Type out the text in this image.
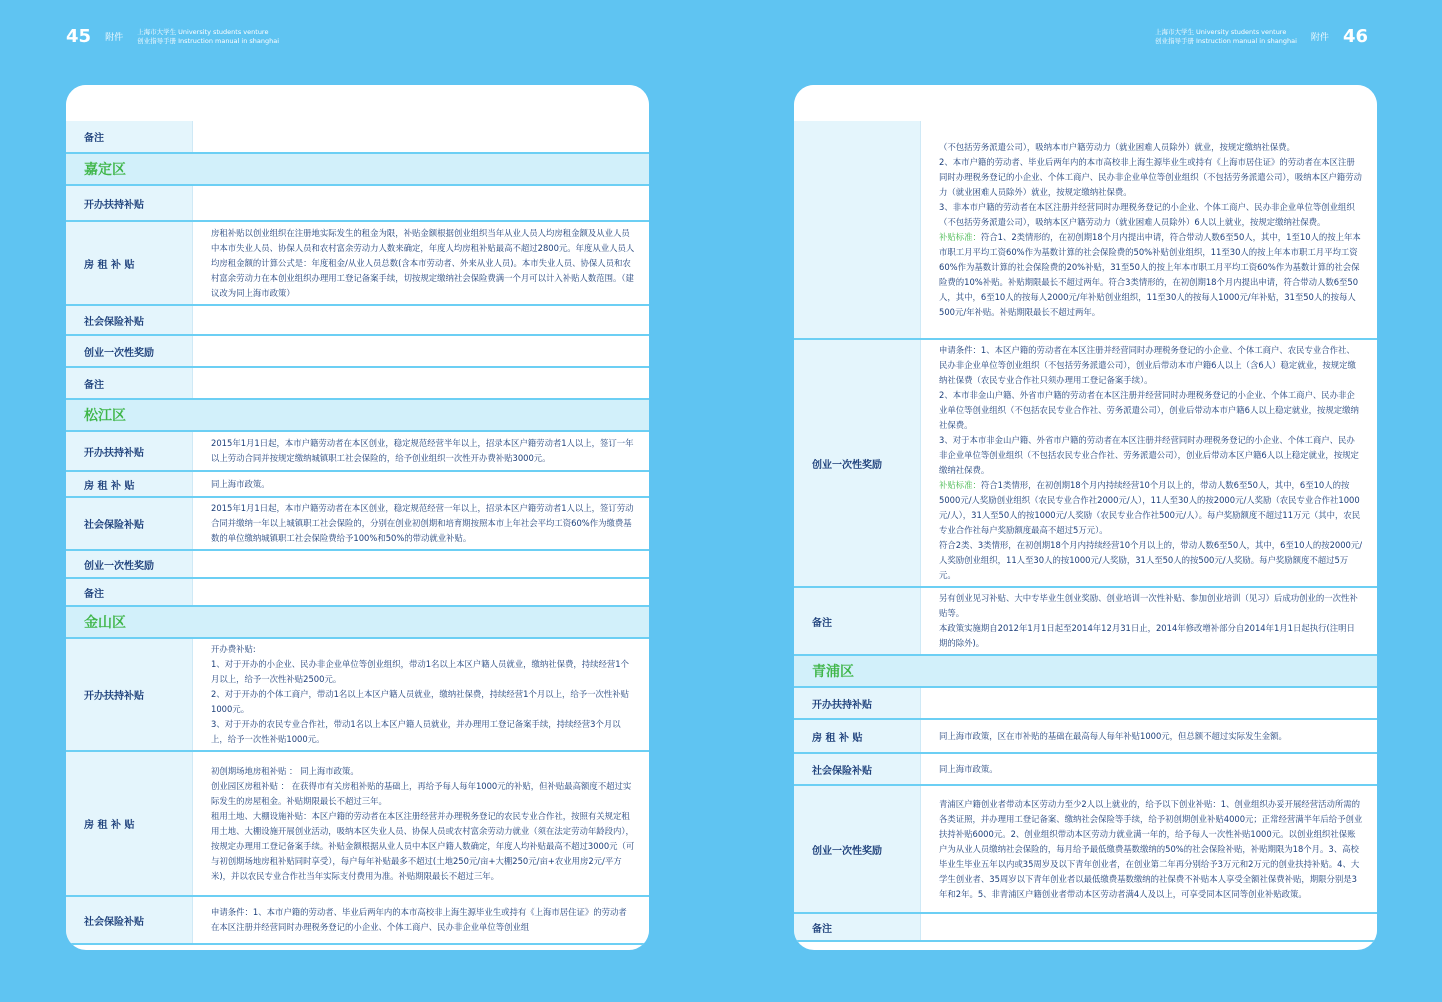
45 附件
上海市大学生 University students venture
创业指导手册 Instruction manual in shanghai
上海市大学生 University students venture
创业指导手册 Instruction manual in shanghai 附件 46
备注	
嘉定区	
开办扶持补贴	
房 租 补 贴	房租补贴以创业组织在注册地实际发生的租金为限，补贴金额根据创业组织当年从业人员人均房租金额及从业人员中本市失业人员、协保人员和农村富余劳动力人数来确定，年度人均房租补贴最高不超过2800元。年度从业人员人均房租金额的计算公式是：年度租金/从业人员总数(含本市劳动者、外来从业人员)。本市失业人员、协保人员和农村富余劳动力在本创业组织办理用工登记备案手续，切按规定缴纳社会保险费满一个月可以计入补贴人数范围。（建议改为同上海市政策）
社会保险补贴	
创业一次性奖励	
备注	
松江区	
开办扶持补贴	2015年1月1日起，本市户籍劳动者在本区创业，稳定规范经营半年以上，招录本区户籍劳动者1人以上，签订一年以上劳动合同并按规定缴纳城镇职工社会保险的，给予创业组织一次性开办费补贴3000元。
房 租 补 贴	同上海市政策。
社会保险补贴	2015年1月1日起，本市户籍劳动者在本区创业，稳定规范经营一年以上，招录本区户籍劳动者1人以上，签订劳动合同并缴纳一年以上城镇职工社会保险的，分别在创业初创期和培育期按照本市上年社会平均工资60%作为缴费基数的单位缴纳城镇职工社会保险费给予100%和50%的带动就业补贴。
创业一次性奖励	
备注	
金山区	
开办扶持补贴	开办费补贴:
1、对于开办的小企业、民办非企业单位等创业组织，带动1名以上本区户籍人员就业，缴纳社保费，持续经营1个月以上，给予一次性补贴2500元。
2、对于开办的个体工商户，带动1名以上本区户籍人员就业，缴纳社保费，持续经营1个月以上，给予一次性补贴1000元。
3、对于开办的农民专业合作社，带动1名以上本区户籍人员就业，并办理用工登记备案手续，持续经营3个月以上，给予一次性补贴1000元。
房 租 补 贴	初创期场地房租补贴 ： 同上海市政策。
创业园区房租补贴 ： 在获得市有关房租补贴的基础上，再给予每人每年1000元的补贴，但补贴最高额度不超过实际发生的房屋租金。补贴期限最长不超过三年。
租用土地、大棚设施补贴：本区户籍的劳动者在本区注册经营并办理税务登记的农民专业合作社，按照有关规定租用土地、大棚设施开展创业活动，吸纳本区失业人员、协保人员或农村富余劳动力就业（须在法定劳动年龄段内），按规定办理用工登记备案手续。补贴金额根据从业人员中本区户籍人数确定，年度人均补贴最高不超过3000元（可与初创期场地房租补贴同时享受），每户每年补贴最多不超过(土地250元/亩+大棚250元/亩+农业用房2元/平方米)，并以农民专业合作社当年实际支付费用为准。补贴期限最长不超过三年。
社会保险补贴	申请条件：1、本市户籍的劳动者、毕业后两年内的本市高校非上海生源毕业生或持有《上海市居住证》的劳动者在本区注册并经营同时办理税务登记的小企业、个体工商户、民办非企业单位等创业组
	（不包括劳务派遣公司），吸纳本市户籍劳动力（就业困难人员除外）就业，按规定缴纳社保费。
2、本市户籍的劳动者、毕业后两年内的本市高校非上海生源毕业生或持有《上海市居住证》的劳动者在本区注册同时办理税务登记的小企业、个体工商户、民办非企业单位等创业组织（不包括劳务派遣公司），吸纳本区户籍劳动力（就业困难人员除外）就业，按规定缴纳社保费。
3、非本市户籍的劳动者在本区注册并经营同时办理税务登记的小企业、个体工商户、民办非企业单位等创业组织（不包括劳务派遣公司），吸纳本区户籍劳动力（就业困难人员除外）6人以上就业，按规定缴纳社保费。
补贴标准：符合1、2类情形的，在初创期18个月内提出申请，符合带动人数6至50人，其中，1至10人的按上年本市职工月平均工资60%作为基数计算的社会保险费的50%补贴创业组织，11至30人的按上年本市职工月平均工资60%作为基数计算的社会保险费的20%补贴，31至50人的按上年本市职工月平均工资60%作为基数计算的社会保险费的10%补贴。补贴期限最长不超过两年。符合3类情形的，在初创期18个月内提出申请，符合带动人数6至50人，其中，6至10人的按每人2000元/年补贴创业组织，11至30人的按每人1000元/年补贴，31至50人的按每人500元/年补贴。补贴期限最长不超过两年。
创业一次性奖励	申请条件：1、本区户籍的劳动者在本区注册并经营同时办理税务登记的小企业、个体工商户、农民专业合作社、民办非企业单位等创业组织（不包括劳务派遣公司），创业后带动本市户籍6人以上（含6人）稳定就业，按规定缴纳社保费（农民专业合作社只须办理用工登记备案手续）。
2、本市非金山户籍、外省市户籍的劳动者在本区注册并经营同时办理税务登记的小企业、个体工商户、民办非企业单位等创业组织（不包括农民专业合作社、劳务派遣公司），创业后带动本市户籍6人以上稳定就业，按规定缴纳社保费。
3、对于本市非金山户籍、外省市户籍的劳动者在本区注册并经营同时办理税务登记的小企业、个体工商户、民办非企业单位等创业组织（不包括农民专业合作社、劳务派遣公司），创业后带动本区户籍6人以上稳定就业，按规定缴纳社保费。
补贴标准：符合1类情形，在初创期18个月内持续经营10个月以上的，带动人数6至50人，其中，6至10人的按5000元/人奖励创业组织（农民专业合作社2000元/人），11人至30人的按2000元/人奖励（农民专业合作社1000元/人），31人至50人的按1000元/人奖励（农民专业合作社500元/人）。每户奖励额度不超过11万元（其中，农民专业合作社每户奖励额度最高不超过5万元）。
符合2类、3类情形，在初创期18个月内持续经营10个月以上的，带动人数6至50人，其中，6至10人的按2000元/人奖励创业组织，11人至30人的按1000元/人奖励，31人至50人的按500元/人奖励。每户奖励额度不超过5万元。
备注	另有创业见习补贴、大中专毕业生创业奖励、创业培训一次性补贴、参加创业培训（见习）后成功创业的一次性补贴等。
本政策实施期自2012年1月1日起至2014年12月31日止，2014年修改增补部分自2014年1月1日起执行(注明日期的除外)。
青浦区	
开办扶持补贴	
房 租 补 贴	同上海市政策，区在市补贴的基础在最高每人每年补贴1000元，但总额不超过实际发生金额。
社会保险补贴	同上海市政策。
创业一次性奖励	青浦区户籍创业者带动本区劳动力至少2人以上就业的，给予以下创业补贴：1、创业组织办妥开展经营活动所需的各类证照，并办理用工登记备案、缴纳社会保险等手续，给予初创期创业补贴4000元；正常经营满半年后给予创业扶持补贴6000元。2、创业组织带动本区劳动力就业满一年的，给予每人一次性补贴1000元。以创业组织社保账户为从业人员缴纳社会保险的，每月给予最低缴费基数缴纳的50%的社会保险补贴，补贴期限为18个月。3、高校毕业生毕业五年以内或35周岁及以下青年创业者，在创业第二年再分别给予3万元和2万元的创业扶持补贴。4、大学生创业者、35周岁以下青年创业者以最低缴费基数缴纳的社保费不补贴本人享受全额社保费补贴，期限分别是3年和2年。5、非青浦区户籍创业者带动本区劳动者满4人及以上，可享受同本区同等创业补贴政策。
备注	
